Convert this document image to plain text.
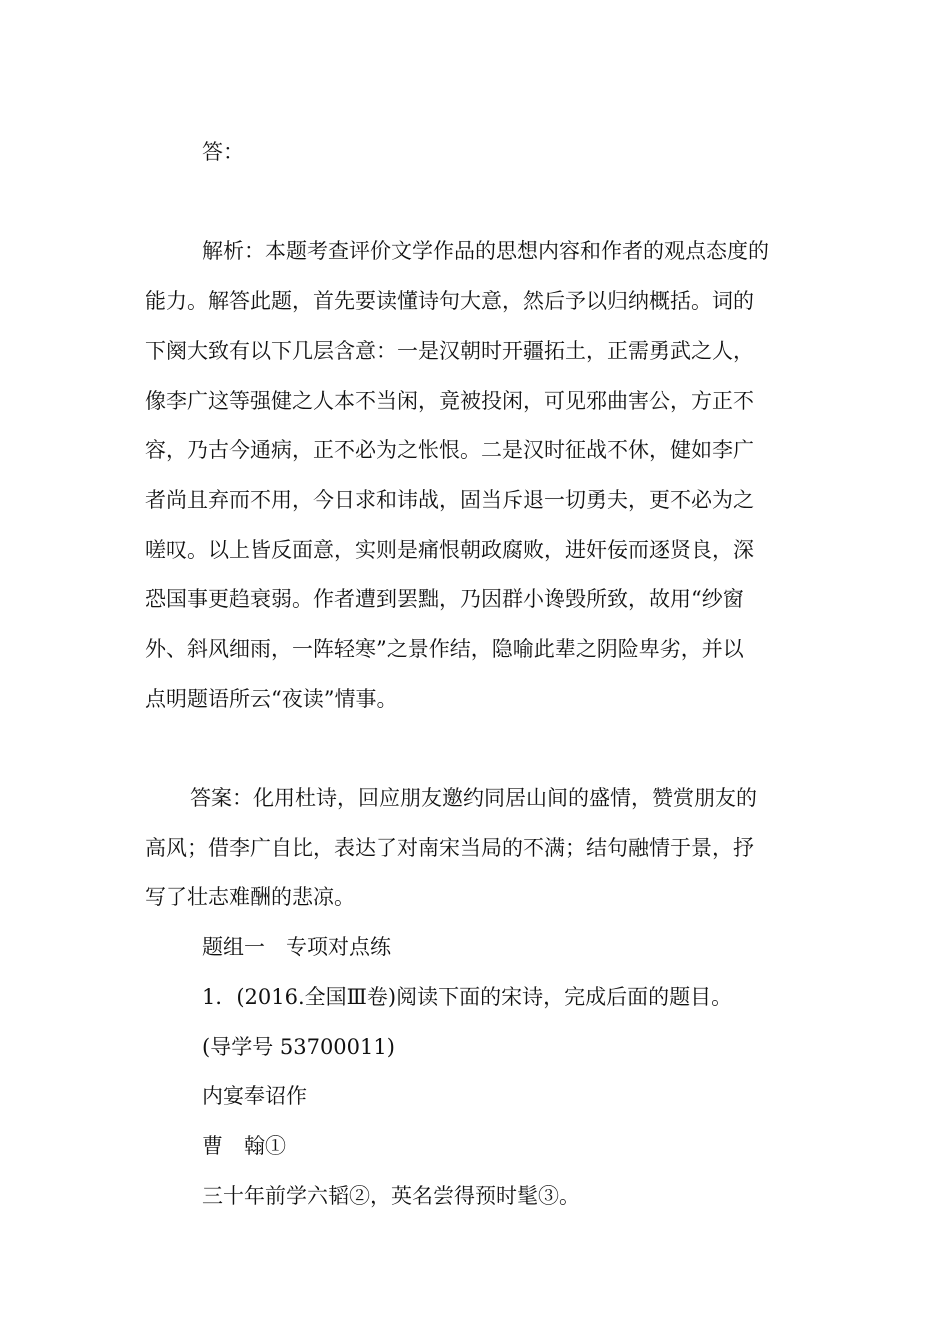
答：
解析：本题考查评价文学作品的思想内容和作者的观点态度的
能力。解答此题，首先要读懂诗句大意，然后予以归纳概括。词的
下阕大致有以下几层含意：一是汉朝时开疆拓土，正需勇武之人，
像李广这等强健之人本不当闲，竟被投闲，可见邪曲害公，方正不
容，乃古今通病，正不必为之怅恨。二是汉时征战不休，健如李广
者尚且弃而不用，今日求和讳战，固当斥退一切勇夫，更不必为之
嗟叹。以上皆反面意，实则是痛恨朝政腐败，进奸佞而逐贤良，深
恐国事更趋衰弱。作者遭到罢黜，乃因群小谗毁所致，故用“纱窗
外、斜风细雨，一阵轻寒”之景作结，隐喻此辈之阴险卑劣，并以
点明题语所云“夜读”情事。
答案：化用杜诗，回应朋友邀约同居山间的盛情，赞赏朋友的
高风；借李广自比，表达了对南宋当局的不满；结句融情于景，抒
写了壮志难酬的悲凉。
题组一　专项对点练
1．(2016.全国Ⅲ卷)阅读下面的宋诗，完成后面的题目。
(导学号 53700011)
内宴奉诏作
曹　翰①
三十年前学六韬②，英名尝得预时髦③。
